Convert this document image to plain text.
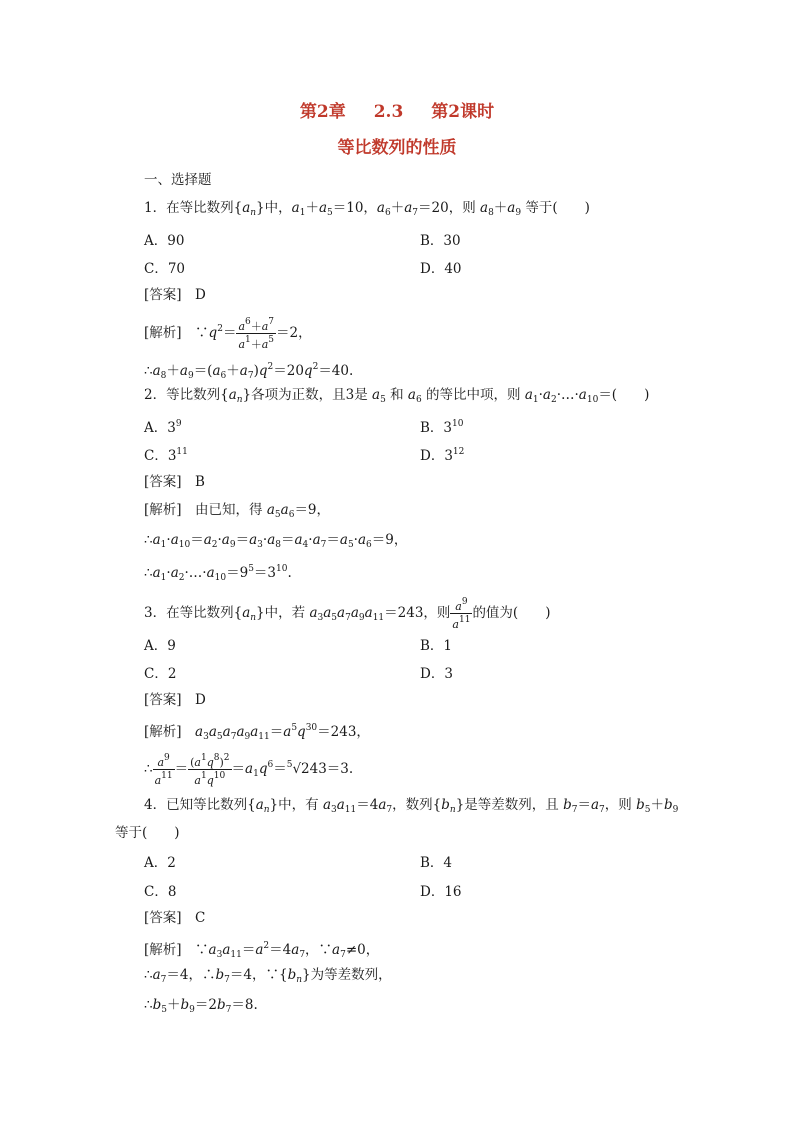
第2章 2.3 第2课时
等比数列的性质
一、选择题
1．在等比数列$\{a_n\}$中，$a_1+a_5=10$，$a_6+a_7=20$，则 $a_8+a_9$ 等于(　　)
A．90	B．30
C．70	D．40
[答案]　 D
[解析]　$\because q^2= \frac{a^6+a^7}{a^1+a^5} =2$，
$\therefore a_8+a_9=(a_6+a_7)q^2=20q^2=40$.
2．等比数列$\{a_n\}$各项为正数，且3是 $a_5$ 和 $a_6$ 的等比中项，则 $a_1\cdot a_2\cdot\dots\cdot a_{10}=$(　　)
A．$3^9$	B．$3^{10}$
C．$3^{11}$	D．$3^{12}$
[答案]　 B
[解析]　 由已知，得 $a_5a_6=9$，
$\therefore a_1\cdot a_{10}=a_2\cdot a_9=a_3\cdot a_8=a_4\cdot a_7=a_5\cdot a_6=9$，
$\therefore a_1\cdot a_2\cdot\dots\cdot a_{10}=9^5=3^{10}$.
3．在等比数列$\{a_n\}$中，若 $a_3a_5a_7a_9a_{11}=243$，则 $\frac{a^9}{a^{11}}$ 的值为(　　)
A．9	B．1
C．2	D．3
[答案]　 D
[解析]　 $a_3a_5a_7a_9a_{11}=a^5q^{30}=243$，
∴ $\frac{a^9}{a^{11}} = \frac{(a^1q^8)^2}{a^1q^{10}} =a_1q^6=^5√243=3$.
4．已知等比数列$\{a_n\}$中，有 $a_3a_{11}=4a_7$，数列$\{b_n\}$是等差数列，且 $b_7=a_7$，则 $b_5+b_9$
等于(　　)
A．2	B．4
C．8	D．16
[答案]　 C
[解析]　$\because a_3a_{11}=a^2=4a_7$，$\because a_7\ne 0$，
$\therefore a_7=4$，$\therefore b_7=4$，$\because\{b_n\}$为等差数列，
$\therefore b_5+b_9=2b_7=8$.
